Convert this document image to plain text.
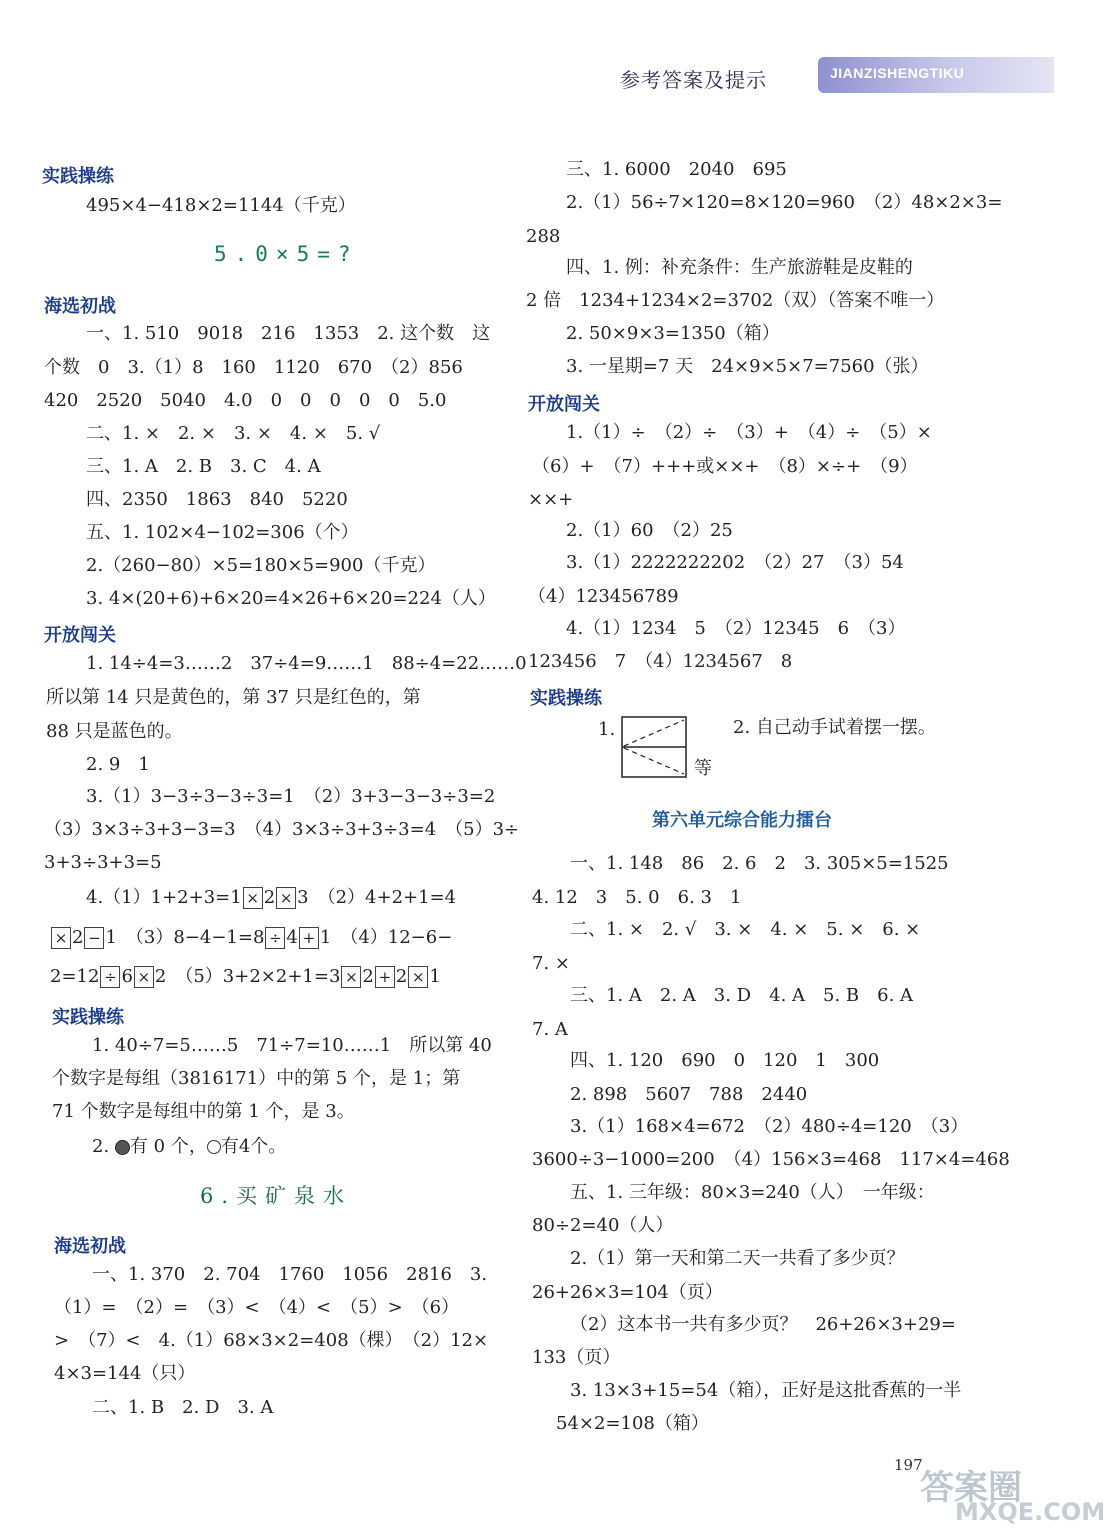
参考答案及提示	JIANZISHENGTIKU
实践操练
495×4−418×2=1144（千克）
5.0×5=?
海选初战
一、1. 510　9018　216　1353　2. 这个数　这
个数　0　3.（1）8　160　1120　670　（2）856
420　2520　5040　4.0　0　0　0　0　0　5.0
二、1. ×　2. ×　3. ×　4. ×　5. √
三、1. A　2. B　3. C　4. A
四、2350　1863　840　5220
五、1. 102×4−102=306（个）
2.（260−80）×5=180×5=900（千克）
3. 4×(20+6)+6×20=4×26+6×20=224（人）
开放闯关
1. 14÷4=3……2　37÷4=9……1　88÷4=22……0
所以第 14 只是黄色的，第 37 只是红色的，第
88 只是蓝色的。
2. 9　1
3.（1）3−3÷3−3÷3=1　（2）3+3−3−3÷3=2
（3）3×3÷3+3−3=3　（4）3×3÷3+3÷3=4　（5）3÷
3+3÷3+3=5
4.（1）1+2+3=1 × 2 × 3　（2）4+2+1=4
× 2 − 1　（3）8−4−1=8 ÷ 4 + 1　（4）12−6−
2=12 ÷ 6 × 2　（5）3+2×2+1=3 × 2 + 2 × 1
实践操练
1. 40÷7=5……5　71÷7=10……1　所以第 40
个数字是每组（3816171）中的第 5 个，是 1；第
71 个数字是每组中的第 1 个，是 3。
2. 有 0 个， 有4个。
6.买矿泉水
海选初战
一、1. 370　2. 704　1760　1056　2816　3.
（1）=　（2）=　（3）<　（4）<　（5）>　（6）
>　（7）<　4.（1）68×3×2=408（棵）　（2）12×
4×3=144（只）
二、1. B　2. D　3. A
三、1. 6000　2040　695
2.（1）56÷7×120=8×120=960　（2）48×2×3=
288
四、1. 例：补充条件：生产旅游鞋是皮鞋的
2 倍　1234+1234×2=3702（双）（答案不唯一）
2. 50×9×3=1350（箱）
3. 一星期=7 天　24×9×5×7=7560（张）
开放闯关
1.（1）÷　（2）÷　（3）+　（4）÷　（5）×
（6）+　（7）+++或××+　（8）×÷+　（9）
××+
2.（1）60　（2）25
3.（1）2222222202　（2）27　（3）54
（4）123456789
4.（1）1234　5　（2）12345　6　（3）
123456　7　（4）1234567　8
实践操练
1.	2. 自己动手试着摆一摆。
等
第六单元综合能力擂台
一、1. 148　86　2. 6　2　3. 305×5=1525
4. 12　3　5. 0　6. 3　1
二、1. ×　2. √　3. ×　4. ×　5. ×　6. ×
7. ×
三、1. A　2. A　3. D　4. A　5. B　6. A
7. A
四、1. 120　690　0　120　1　300
2. 898　5607　788　2440
3.（1）168×4=672　（2）480÷4=120　（3）
3600÷3−1000=200　（4）156×3=468　117×4=468
五、1. 三年级：80×3=240（人）　一年级：
80÷2=40（人）
2.（1）第一天和第二天一共看了多少页？
26+26×3=104（页）
（2）这本书一共有多少页？　26+26×3+29=
133（页）
3. 13×3+15=54（箱），正好是这批香蕉的一半
54×2=108（箱）
197
答案圈
MXQE.COM
